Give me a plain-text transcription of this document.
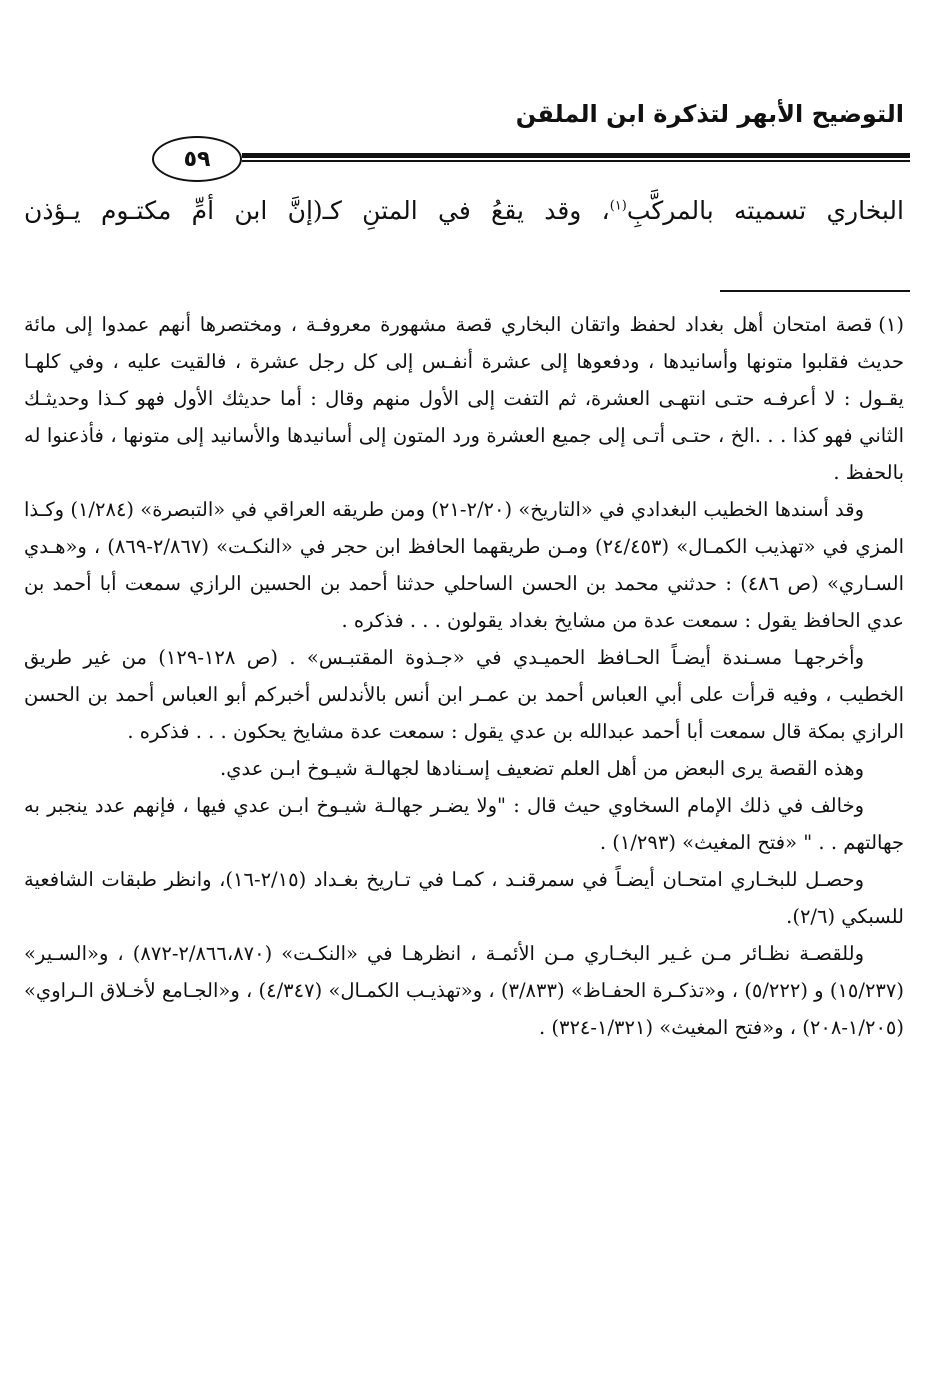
التوضيح الأبهر لتذكرة ابن الملقن
٥٩
البخاري تسميته بالمركَّبِ$^{(١)}$، وقد يقعُ في المتنِ كـ(إنَّ ابن أمِّ مكتـوم يـؤذن

(١)قصة امتحان أهل بغداد لحفظ واتقان البخاري قصة مشهورة معروفـة ، ومختصرها أنهم عمدوا إلى مائة حديث فقلبوا متونها وأسانيدها ، ودفعوها إلى عشرة أنفـس إلى كل رجل عشرة ، فالقيت عليه ، وفي كلهـا يقـول : لا أعرفـه حتـى انتهـى العشرة، ثم التفت إلى الأول منهم وقال : أما حديثك الأول فهو كـذا وحديثـك الثاني فهو كذا . . .الخ ، حتـى أتـى إلى جميع العشرة ورد المتون إلى أسانيدها والأسانيد إلى متونها ، فأذعنوا له بالحفظ .

وقد أسندها الخطيب البغدادي في «التاريخ» (٢/٢٠-٢١) ومن طريقه العراقي في «التبصرة» (١/٢٨٤) وكـذا المزي في «تهذيب الكمـال» (٢٤/٤٥٣) ومـن طريقهما الحافظ ابن حجر في «النكـت» (٢/٨٦٧-٨٦٩) ، و«هـدي السـاري» (ص ٤٨٦) : حدثني محمد بن الحسن الساحلي حدثنا أحمد بن الحسين الرازي سمعت أبا أحمد بن عدي الحافظ يقول : سمعت عدة من مشايخ بغداد يقولون . . . فذكره .

وأخرجهـا مسـندة أيضـاً الحـافظ الحميـدي في «جـذوة المقتبـس» . (ص ١٢٨-١٢٩) من غير طريق الخطيب ، وفيه قرأت على أبي العباس أحمد بن عمـر ابن أنس بالأندلس أخبركم أبو العباس أحمد بن الحسن الرازي بمكة قال سمعت أبا أحمد عبدالله بن عدي يقول : سمعت عدة مشايخ يحكون . . . فذكره .

وهذه القصة يرى البعض من أهل العلم تضعيف إسـنادها لجهالـة شيـوخ ابـن عدي.

وخالف في ذلك الإمام السخاوي حيث قال : "ولا يضـر جهالـة شيـوخ ابـن عدي فيها ، فإنهم عدد ينجبر به جهالتهم . . " «فتح المغيث» (١/٢٩٣) .

وحصـل للبخـاري امتحـان أيضـاً في سمرقنـد ، كمـا في تـاريخ بغـداد (٢/١٥-١٦)، وانظر طبقات الشافعية للسبكي (٢/٦).

وللقصـة نظـائر مـن غـير البخـاري مـن الأئمـة ، انظرهـا في «النكـت» (٢/٨٦٦،٨٧٠-٨٧٢) ، و«السـير» (١٥/٢٣٧) و (٥/٢٢٢) ، و«تذكـرة الحفـاظ» (٣/٨٣٣) ، و«تهذيـب الكمـال» (٤/٣٤٧) ، و«الجـامع لأخـلاق الـراوي» (١/٢٠٥-٢٠٨) ، و«فتح المغيث» (١/٣٢١-٣٢٤) .
